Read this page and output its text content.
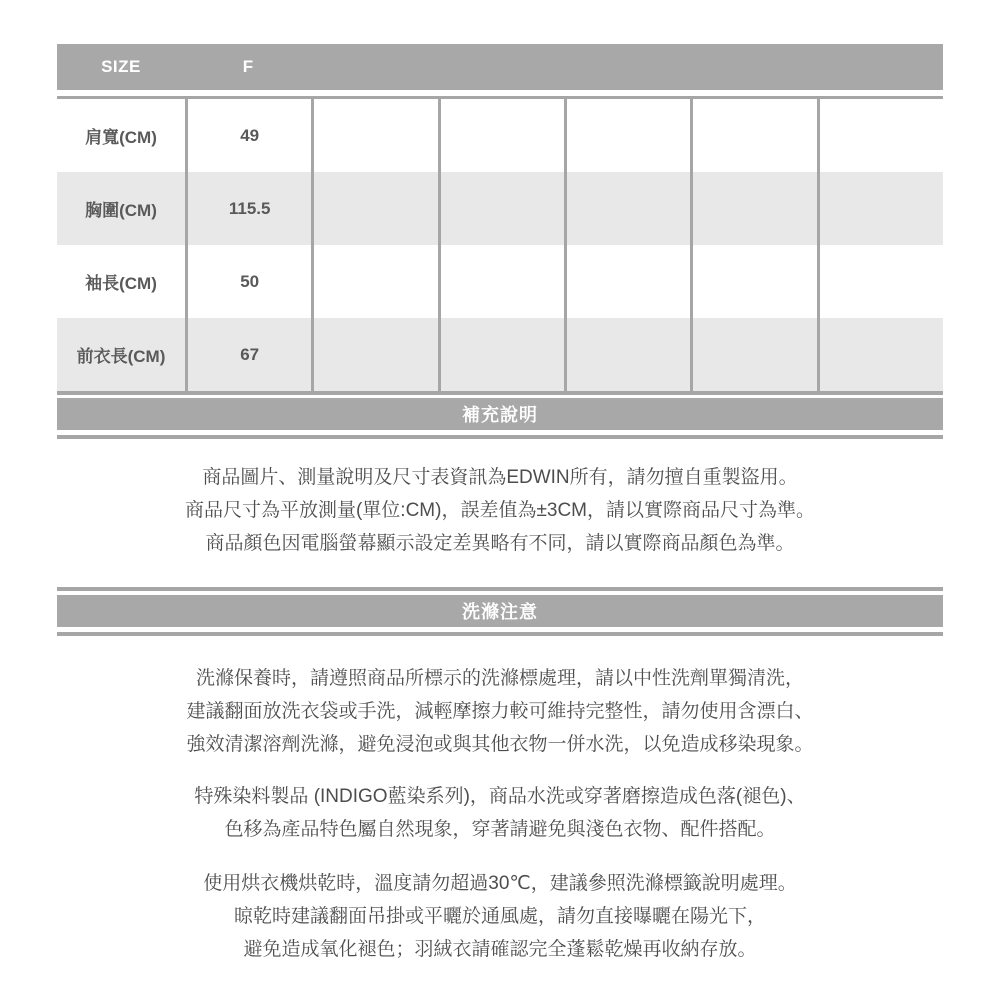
SIZE	F
肩寬(CM)	49
胸圍(CM)	115.5
袖長(CM)	50
前衣長(CM)	67
補充說明
商品圖片、測量說明及尺寸表資訊為EDWIN所有，請勿擅自重製盜用。
商品尺寸為平放測量(單位:CM)，誤差值為±3CM，請以實際商品尺寸為準。
商品顏色因電腦螢幕顯示設定差異略有不同，請以實際商品顏色為準。
洗滌注意
洗滌保養時，請遵照商品所標示的洗滌標處理，請以中性洗劑單獨清洗，
建議翻面放洗衣袋或手洗，減輕摩擦力較可維持完整性，請勿使用含漂白、
強效清潔溶劑洗滌，避免浸泡或與其他衣物一併水洗，以免造成移染現象。
特殊染料製品 (INDIGO藍染系列)，商品水洗或穿著磨擦造成色落(褪色)、
色移為產品特色屬自然現象，穿著請避免與淺色衣物、配件搭配。
使用烘衣機烘乾時，溫度請勿超過30℃，建議參照洗滌標籤說明處理。
晾乾時建議翻面吊掛或平曬於通風處，請勿直接曝曬在陽光下，
避免造成氧化褪色；羽絨衣請確認完全蓬鬆乾燥再收納存放。
